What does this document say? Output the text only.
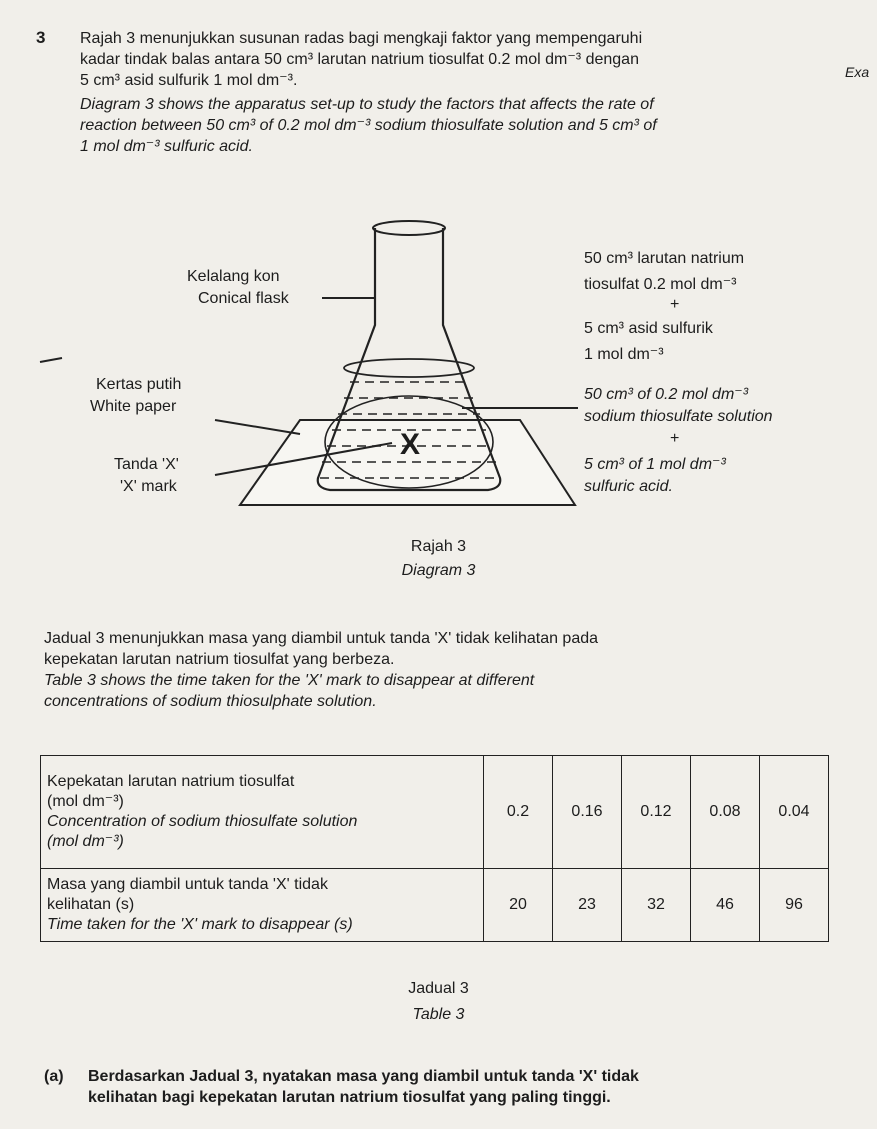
3
Exa
Rajah 3 menunjukkan susunan radas bagi mengkaji faktor yang mempengaruhi
kadar tindak balas antara 50 cm³ larutan natrium tiosulfat 0.2 mol dm⁻³ dengan
5 cm³ asid sulfurik 1 mol dm⁻³.
Diagram 3 shows the apparatus set-up to study the factors that affects the rate of
reaction between 50 cm³ of 0.2 mol dm⁻³ sodium thiosulfate solution and 5 cm³ of
1 mol dm⁻³ sulfuric acid.
X
Kelalang kon
Conical flask
Kertas putih
White paper
Tanda 'X'
'X' mark
50 cm³ larutan natrium
tiosulfat 0.2 mol dm⁻³
+
5 cm³ asid sulfurik
1 mol dm⁻³
50 cm³ of 0.2 mol dm⁻³
sodium thiosulfate solution
+
5 cm³ of 1 mol dm⁻³
sulfuric acid.
Rajah 3
Diagram 3
Jadual 3 menunjukkan masa yang diambil untuk tanda 'X' tidak kelihatan pada
kepekatan larutan natrium tiosulfat yang berbeza.
Table 3 shows the time taken for the 'X' mark to disappear at different
concentrations of sodium thiosulphate solution.
Kepekatan larutan natrium tiosulfat
(mol dm⁻³)
Concentration of sodium thiosulfate solution
(mol dm⁻³)	0.2	0.16	0.12	0.08	0.04

Masa yang diambil untuk tanda 'X' tidak
kelihatan (s)
Time taken for the 'X' mark to disappear (s)	20	23	32	46	96
Jadual 3
Table 3
(a) Berdasarkan Jadual 3, nyatakan masa yang diambil untuk tanda 'X' tidak
kelihatan bagi kepekatan larutan natrium tiosulfat yang paling tinggi.
